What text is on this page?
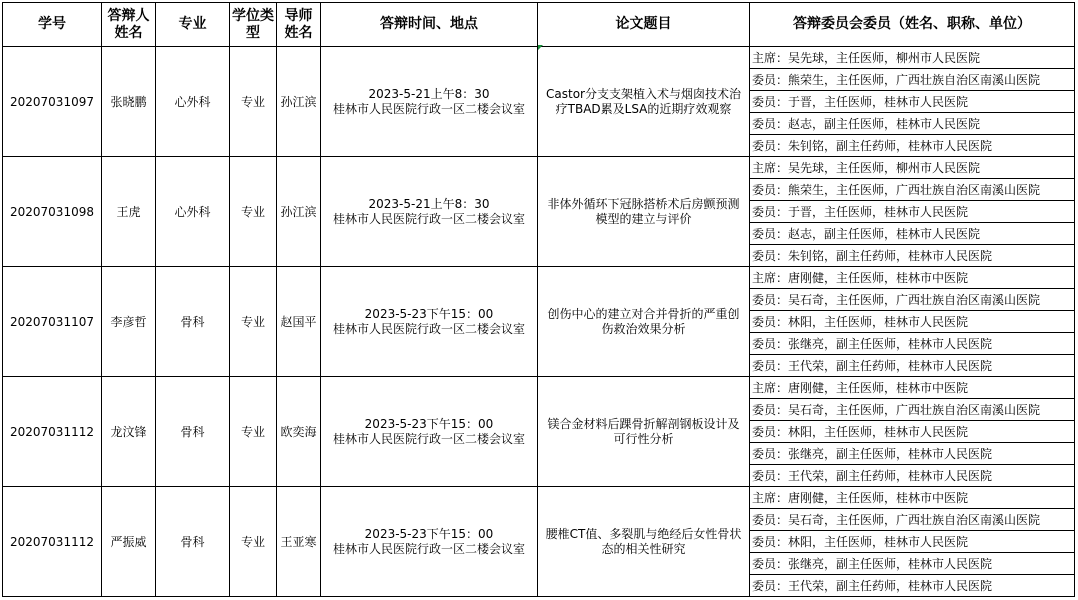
学号	答辩人姓名	专业	学位类型	导师姓名	答辩时间、地点	论文题目	答辩委员会委员（姓名、职称、单位）
20207031097	张晓鹏	心外科	专业	孙江滨	2023-5-21上午8：30
桂林市人民医院行政一区二楼会议室	Castor分支支架植入术与烟囱技术治疗TBAD累及LSA的近期疗效观察	主席：吴先球，主任医师，柳州市人民医院
							委员：熊荣生，主任医师，广西壮族自治区南溪山医院
							委员：于晋，主任医师，桂林市人民医院
							委员：赵志，副主任医师，桂林市人民医院
							委员：朱钊铭，副主任药师，桂林市人民医院
20207031098	王虎	心外科	专业	孙江滨	2023-5-21上午8：30
桂林市人民医院行政一区二楼会议室	非体外循环下冠脉搭桥术后房颤预测模型的建立与评价	主席：吴先球，主任医师，柳州市人民医院
							委员：熊荣生，主任医师，广西壮族自治区南溪山医院
							委员：于晋，主任医师，桂林市人民医院
							委员：赵志，副主任医师，桂林市人民医院
							委员：朱钊铭，副主任药师，桂林市人民医院
20207031107	李彦哲	骨科	专业	赵国平	2023-5-23下午15：00
桂林市人民医院行政一区二楼会议室	创伤中心的建立对合并骨折的严重创伤救治效果分析	主席：唐刚健，主任医师，桂林市中医院
							委员：吴石奇，主任医师，广西壮族自治区南溪山医院
							委员：林阳，主任医师，桂林市人民医院
							委员：张继亮，副主任医师，桂林市人民医院
							委员：王代荣，副主任药师，桂林市人民医院
20207031112	龙汶锋	骨科	专业	欧奕海	2023-5-23下午15：00
桂林市人民医院行政一区二楼会议室	镁合金材料后踝骨折解剖钢板设计及可行性分析	主席：唐刚健，主任医师，桂林市中医院
							委员：吴石奇，主任医师，广西壮族自治区南溪山医院
							委员：林阳，主任医师，桂林市人民医院
							委员：张继亮，副主任医师，桂林市人民医院
							委员：王代荣，副主任药师，桂林市人民医院
20207031112	严振威	骨科	专业	王亚寒	2023-5-23下午15：00
桂林市人民医院行政一区二楼会议室	腰椎CT值、多裂肌与绝经后女性骨状态的相关性研究	主席：唐刚健，主任医师，桂林市中医院
							委员：吴石奇，主任医师，广西壮族自治区南溪山医院
							委员：林阳，主任医师，桂林市人民医院
							委员：张继亮，副主任医师，桂林市人民医院
							委员：王代荣，副主任药师，桂林市人民医院
